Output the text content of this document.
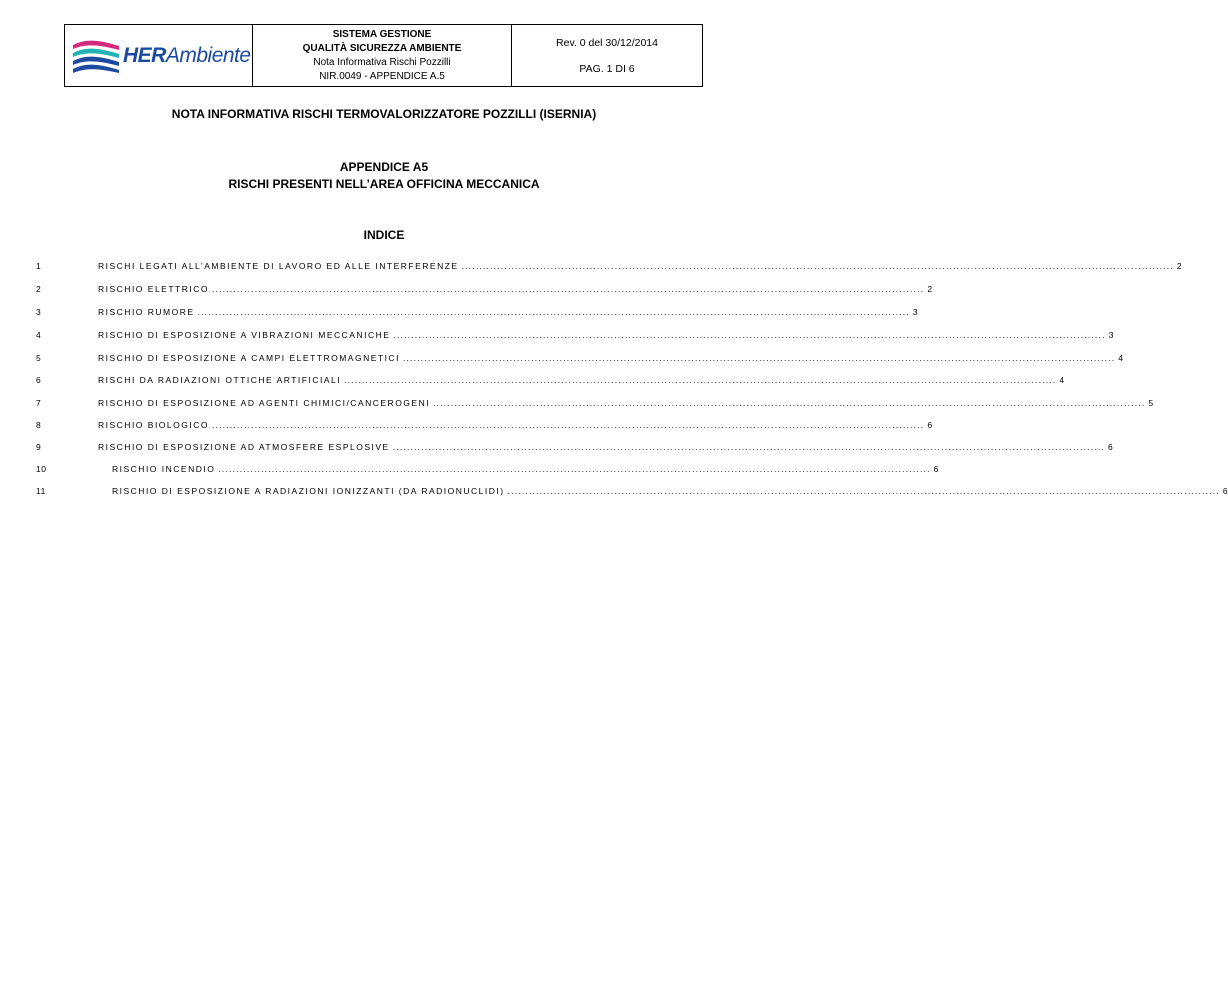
HERAmbiente

SISTEMA GESTIONE
QUALITÀ SICUREZZA AMBIENTE
Nota Informativa Rischi Pozzilli
NIR.0049 - APPENDICE A.5

Rev. 0 del 30/12/2014
PAG. 1 DI 6
NOTA INFORMATIVA RISCHI TERMOVALORIZZATORE POZZILLI (ISERNIA)
APPENDICE A5
RISCHI PRESENTI NELL’AREA OFFICINA MECCANICA
INDICE
1	RISCHI LEGATI ALL’AMBIENTE DI LAVORO ED ALLE INTERFERENZE ........................................................................................................................................................................................................ 2
2	RISCHIO ELETTRICO ........................................................................................................................................................................................................ 2
3	RISCHIO RUMORE ........................................................................................................................................................................................................ 3
4	RISCHIO DI ESPOSIZIONE A VIBRAZIONI MECCANICHE ........................................................................................................................................................................................................ 3
5	RISCHIO DI ESPOSIZIONE A CAMPI ELETTROMAGNETICI ........................................................................................................................................................................................................ 4
6	RISCHI DA RADIAZIONI OTTICHE ARTIFICIALI ........................................................................................................................................................................................................ 4
7	RISCHIO DI ESPOSIZIONE AD AGENTI CHIMICI/CANCEROGENI ........................................................................................................................................................................................................ 5
8	RISCHIO BIOLOGICO ........................................................................................................................................................................................................ 6
9	RISCHIO DI ESPOSIZIONE AD ATMOSFERE ESPLOSIVE ........................................................................................................................................................................................................ 6
10	RISCHIO INCENDIO ........................................................................................................................................................................................................ 6
11	RISCHIO DI ESPOSIZIONE A RADIAZIONI IONIZZANTI (DA RADIONUCLIDI) ........................................................................................................................................................................................................ 6
